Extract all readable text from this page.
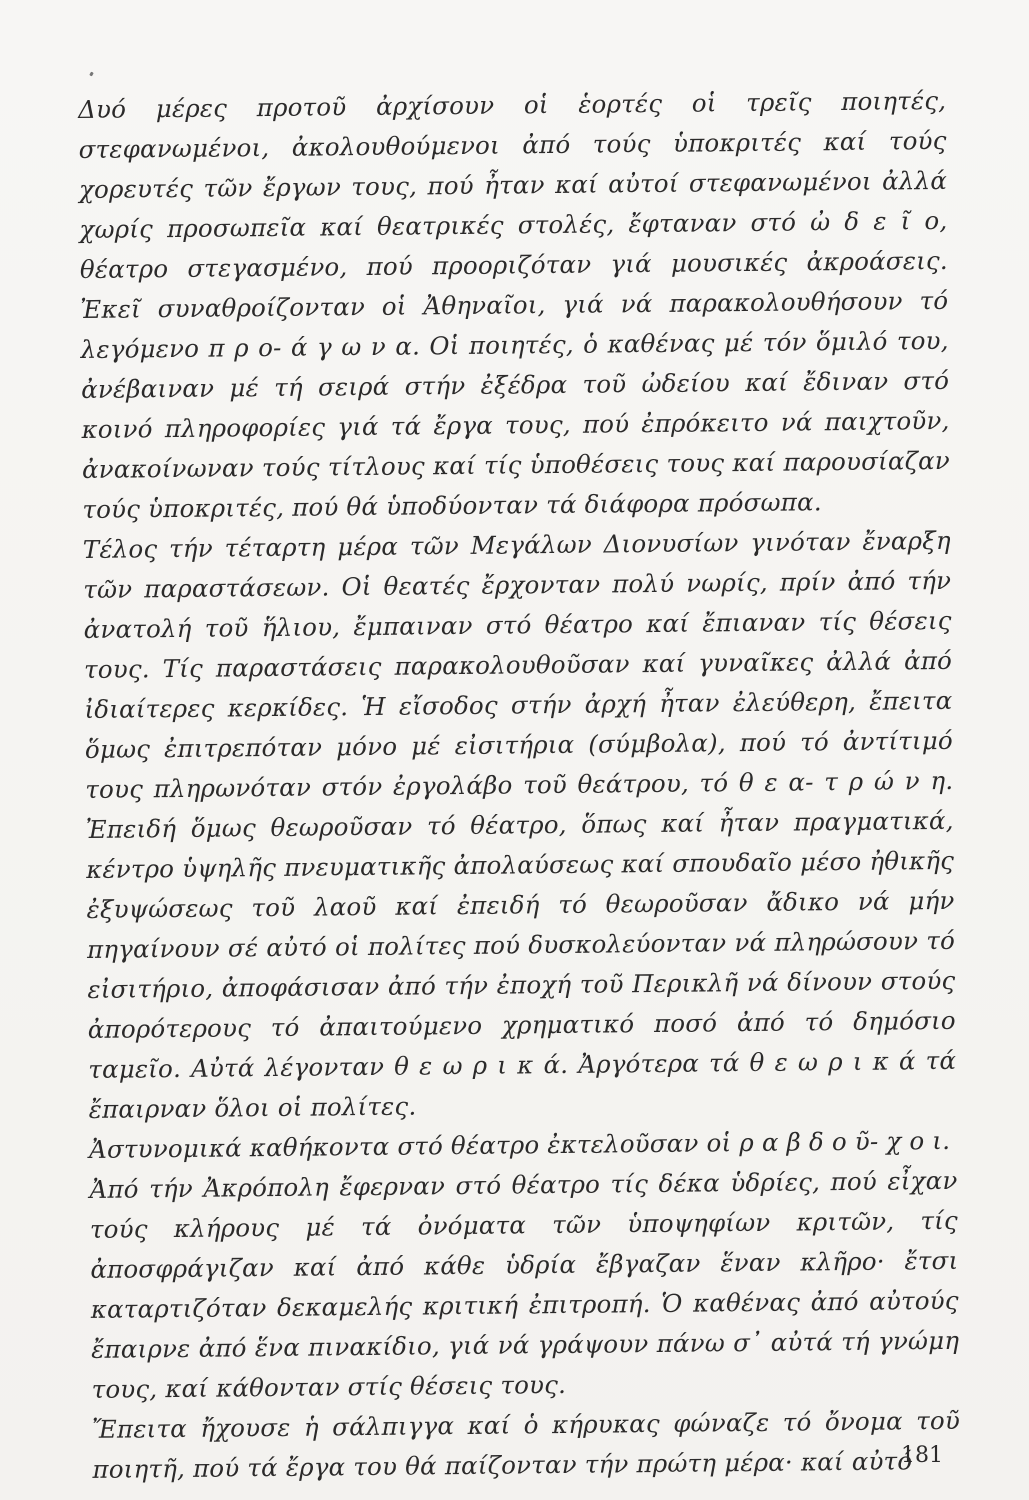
Δυό μέρες προτοῦ ἀρχίσουν οἱ ἑορτές οἱ τρεῖς ποιητές, στεφανωμένοι, ἀκολουθούμενοι ἀπό τούς ὑποκριτές καί τούς χορευτές τῶν ἔργων τους, πού ἦταν καί αὐτοί στεφανωμένοι ἀλλά χωρίς προσωπεῖα καί θεατρικές στολές, ἔφταναν στό ὠ δ ε ῖ ο, θέατρο στεγασμένο, πού προοριζόταν γιά μουσικές ἀκροάσεις. Ἐκεῖ συναθροίζονταν οἱ Ἀθηναῖοι, γιά νά παρακολουθήσουν τό λεγόμενο π ρ ο- ά γ ω ν α. Οἱ ποιητές, ὁ καθένας μέ τόν ὅμιλό του, ἀνέβαιναν μέ τή σειρά στήν ἐξέδρα τοῦ ὠδείου καί ἔδιναν στό κοινό πληροφορίες γιά τά ἔργα τους, πού ἐπρόκειτο νά παιχτοῦν, ἀνακοίνωναν τούς τίτλους καί τίς ὑποθέσεις τους καί παρουσίαζαν τούς ὑποκριτές, πού θά ὑποδύονταν τά διάφορα πρόσωπα.

Τέλος τήν τέταρτη μέρα τῶν Μεγάλων Διονυσίων γινόταν ἔναρξη τῶν παραστάσεων. Οἱ θεατές ἔρχονταν πολύ νωρίς, πρίν ἀπό τήν ἀνατολή τοῦ ἥλιου, ἔμπαιναν στό θέατρο καί ἔπιαναν τίς θέσεις τους. Τίς παραστάσεις παρακολουθοῦσαν καί γυναῖκες ἀλλά ἀπό ἰδιαίτερες κερκίδες. Ἡ εἴσοδος στήν ἀρχή ἦταν ἐλεύθερη, ἔπειτα ὅμως ἐπιτρεπόταν μόνο μέ εἰσιτήρια (σύμβολα), πού τό ἀντίτιμό τους πληρωνόταν στόν ἐργολάβο τοῦ θεάτρου, τό θ ε α- τ ρ ώ ν η. Ἐπειδή ὅμως θεωροῦσαν τό θέατρο, ὅπως καί ἦταν πραγματικά, κέντρο ὑψηλῆς πνευματικῆς ἀπολαύσεως καί σπουδαῖο μέσο ἠθικῆς ἐξυψώσεως τοῦ λαοῦ καί ἐπειδή τό θεωροῦσαν ἄδικο νά μήν πηγαίνουν σέ αὐτό οἱ πολίτες πού δυσκολεύονταν νά πληρώσουν τό εἰσιτήριο, ἀποφάσισαν ἀπό τήν ἐποχή τοῦ Περικλῆ νά δίνουν στούς ἀπορότερους τό ἀπαιτούμενο χρηματικό ποσό ἀπό τό δημόσιο ταμεῖο. Αὐτά λέγονταν θ ε ω ρ ι κ ά. Ἀργότερα τά θ ε ω ρ ι κ ά τά ἔπαιρναν ὅλοι οἱ πολίτες.

Ἀστυνομικά καθήκοντα στό θέατρο ἐκτελοῦσαν οἱ ρ α β δ ο ῦ- χ ο ι.

Ἀπό τήν Ἀκρόπολη ἔφερναν στό θέατρο τίς δέκα ὑδρίες, πού εἶχαν τούς κλήρους μέ τά ὀνόματα τῶν ὑποψηφίων κριτῶν, τίς ἀποσφράγιζαν καί ἀπό κάθε ὑδρία ἔβγαζαν ἕναν κλῆρο· ἔτσι καταρτιζόταν δεκαμελής κριτική ἐπιτροπή. Ὁ καθένας ἀπό αὐτούς ἔπαιρνε ἀπό ἕνα πινακίδιο, γιά νά γράψουν πάνω σ᾽ αὐτά τή γνώμη τους, καί κάθονταν στίς θέσεις τους.

Ἔπειτα ἤχουσε ἡ σάλπιγγα καί ὁ κήρυκας φώναζε τό ὄνομα τοῦ ποιητῆ, πού τά ἔργα του θά παίζονταν τήν πρώτη μέρα· καί αὐτό

181
